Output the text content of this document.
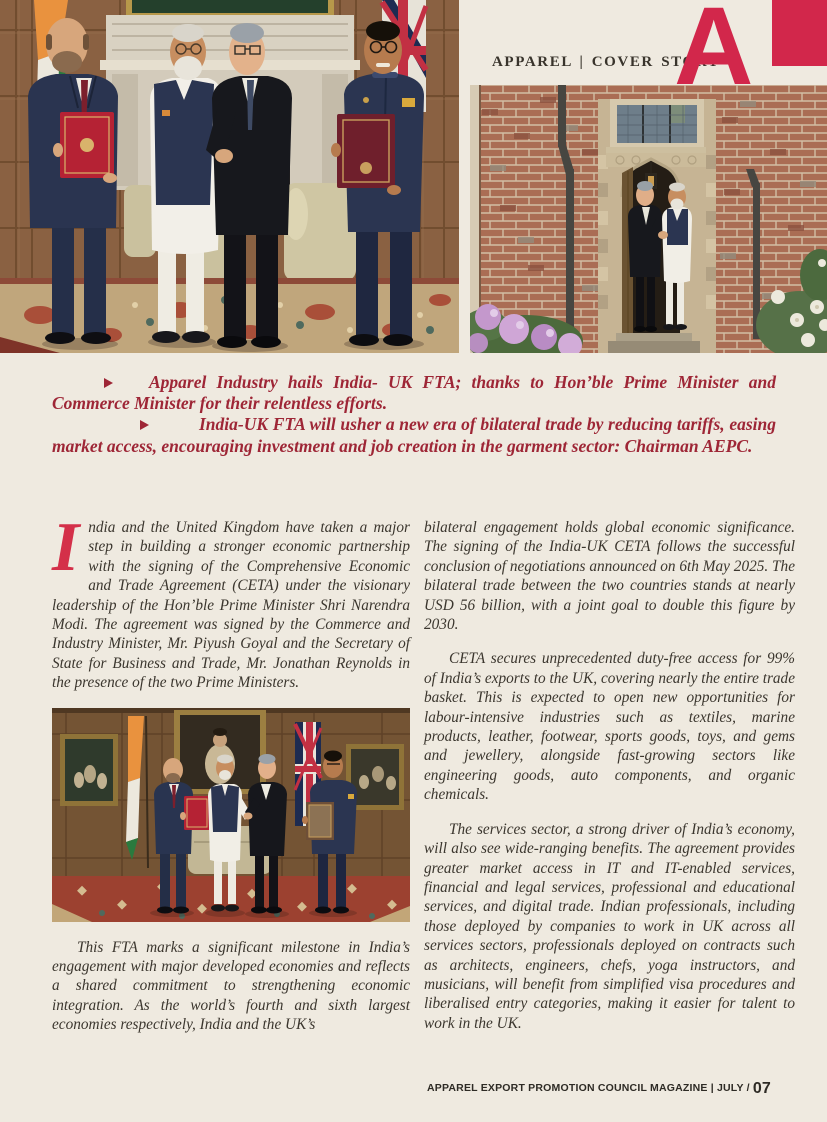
APPAREL | COVER STORY
A

Apparel Industry hails India- UK FTA; thanks to Hon’ble Prime Minister and Commerce Minister for their relentless efforts.

India-UK FTA will usher a new era of bilateral trade by reducing tariffs, easing market access, encouraging investment and job creation in the garment sector: Chairman AEPC.

India and the United Kingdom have taken a major step in building a stronger economic partnership with the signing of the Comprehensive Economic and Trade Agreement (CETA) under the visionary leadership of the Hon’ble Prime Minister Shri Narendra Modi. The agreement was signed by the Commerce and Industry Minister, Mr. Piyush Goyal and the Secretary of State for Business and Trade, Mr. Jonathan Reynolds in the presence of the two Prime Ministers.

This FTA marks a significant milestone in India’s engagement with major developed economies and reflects a shared commitment to strengthening economic integration. As the world’s fourth and sixth largest economies respectively, India and the UK’s

bilateral engagement holds global economic significance. The signing of the India-UK CETA follows the successful conclusion of negotiations announced on 6th May 2025. The bilateral trade between the two countries stands at nearly USD 56 billion, with a joint goal to double this figure by 2030.

CETA secures unprecedented duty-free access for 99% of India’s exports to the UK, covering nearly the entire trade basket. This is expected to open new opportunities for labour-intensive industries such as textiles, marine products, leather, footwear, sports goods, toys, and gems and jewellery, alongside fast-growing sectors like engineering goods, auto components, and organic chemicals.

The services sector, a strong driver of India’s economy, will also see wide-ranging benefits. The agreement provides greater market access in IT and IT-enabled services, financial and legal services, professional and educational services, and digital trade. Indian professionals, including those deployed by companies to work in UK across all services sectors, professionals deployed on contracts such as architects, engineers, chefs, yoga instructors, and musicians, will benefit from simplified visa procedures and liberalised entry categories, making it easier for talent to work in the UK.

APPAREL EXPORT PROMOTION COUNCIL MAGAZINE | JULY / 07
